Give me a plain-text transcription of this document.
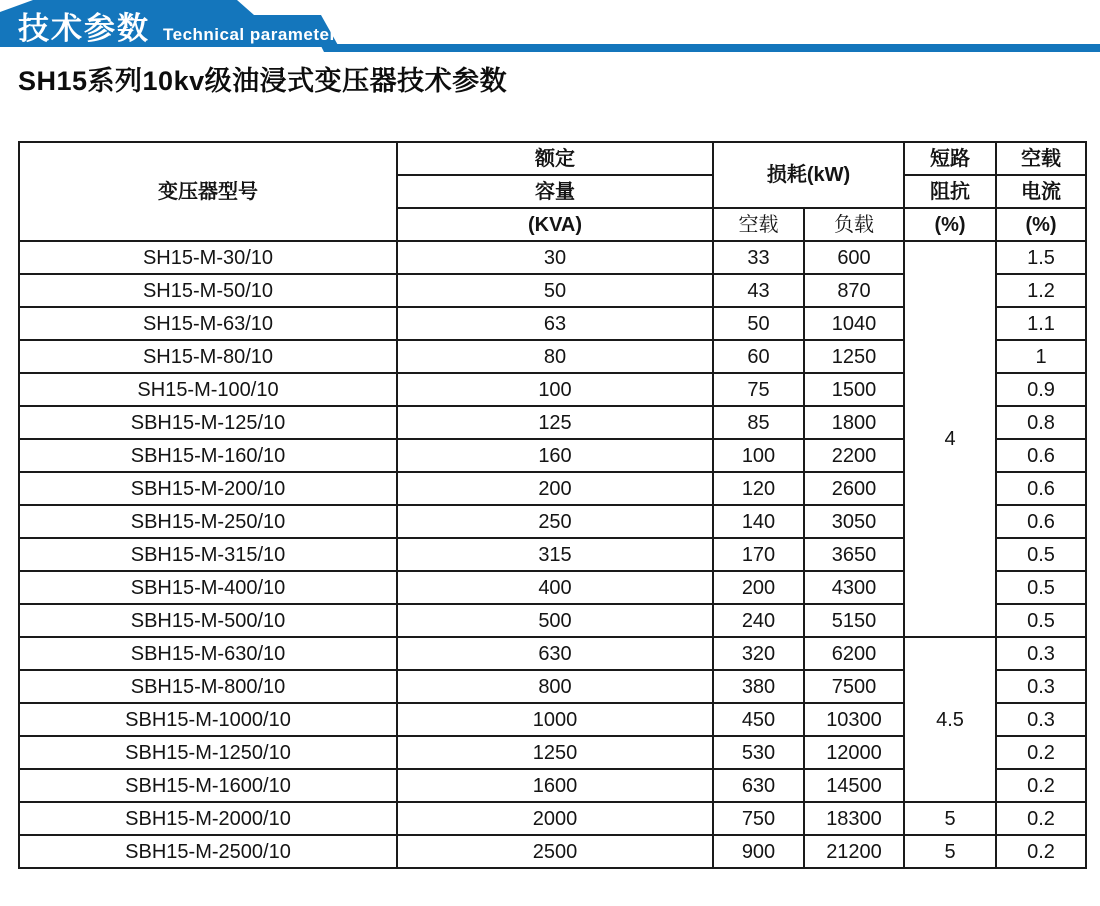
技术参数 Technical parameter
SH15系列10kv级油浸式变压器技术参数
变压器型号	额定	损耗(kW)		短路	空载
	容量			阻抗	电流
	(KVA)	空载	负载	(%)	(%)
SH15-M-30/10	30	33	600	4	1.5
SH15-M-50/10	50	43	870		1.2
SH15-M-63/10	63	50	1040		1.1
SH15-M-80/10	80	60	1250		1
SH15-M-100/10	100	75	1500		0.9
SBH15-M-125/10	125	85	1800		0.8
SBH15-M-160/10	160	100	2200		0.6
SBH15-M-200/10	200	120	2600		0.6
SBH15-M-250/10	250	140	3050		0.6
SBH15-M-315/10	315	170	3650		0.5
SBH15-M-400/10	400	200	4300		0.5
SBH15-M-500/10	500	240	5150		0.5
SBH15-M-630/10	630	320	6200	4.5	0.3
SBH15-M-800/10	800	380	7500		0.3
SBH15-M-1000/10	1000	450	10300		0.3
SBH15-M-1250/10	1250	530	12000		0.2
SBH15-M-1600/10	1600	630	14500		0.2
SBH15-M-2000/10	2000	750	18300	5	0.2
SBH15-M-2500/10	2500	900	21200	5	0.2
